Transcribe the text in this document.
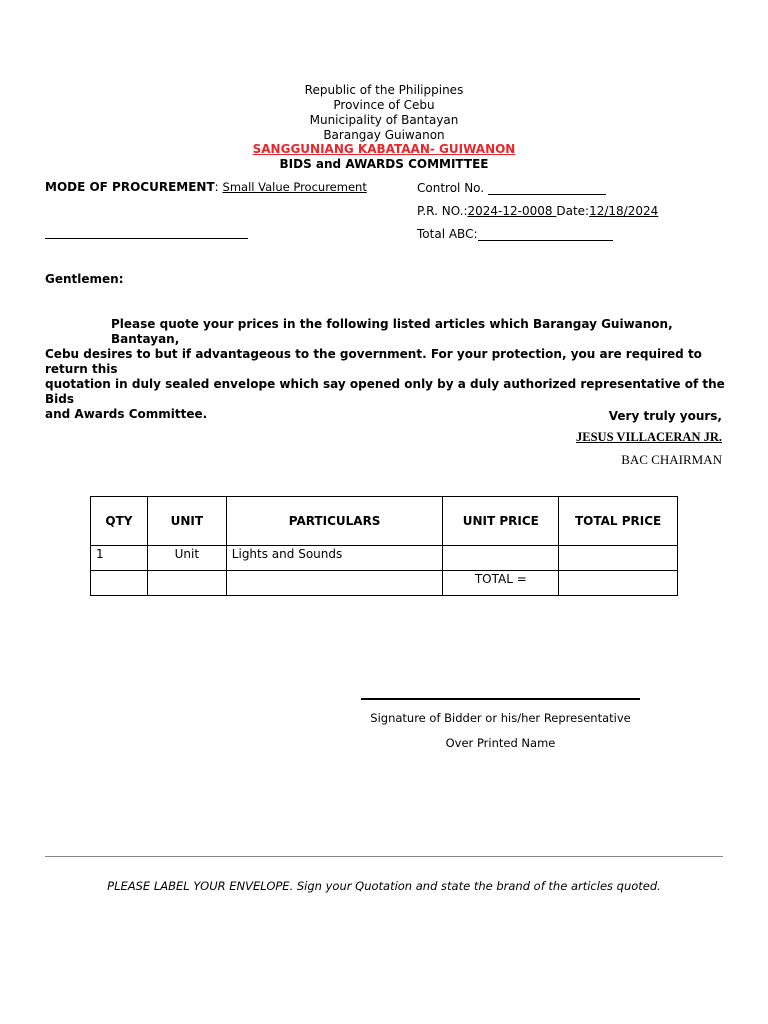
Republic of the Philippines
Province of Cebu
Municipality of Bantayan
Barangay Guiwanon
SANGGUNIANG KABATAAN- GUIWANON
BIDS and AWARDS COMMITTEE
MODE OF PROCUREMENT: Small Value Procurement	Control No.
P.R. NO.:2024-12-0008 Date:12/18/2024
Total ABC:
Gentlemen:
Please quote your prices in the following listed articles which Barangay Guiwanon, Bantayan,
Cebu desires to but if advantageous to the government. For your protection, you are required to return this
quotation in duly sealed envelope which say opened only by a duly authorized representative of the Bids
and Awards Committee.	Very truly yours,
JESUS VILLACERAN JR.
BAC CHAIRMAN
QTY	UNIT	PARTICULARS	UNIT PRICE	TOTAL PRICE
1	Unit	Lights and Sounds		
			TOTAL =	
Signature of Bidder or his/her Representative
Over Printed Name
PLEASE LABEL YOUR ENVELOPE. Sign your Quotation and state the brand of the articles quoted.
